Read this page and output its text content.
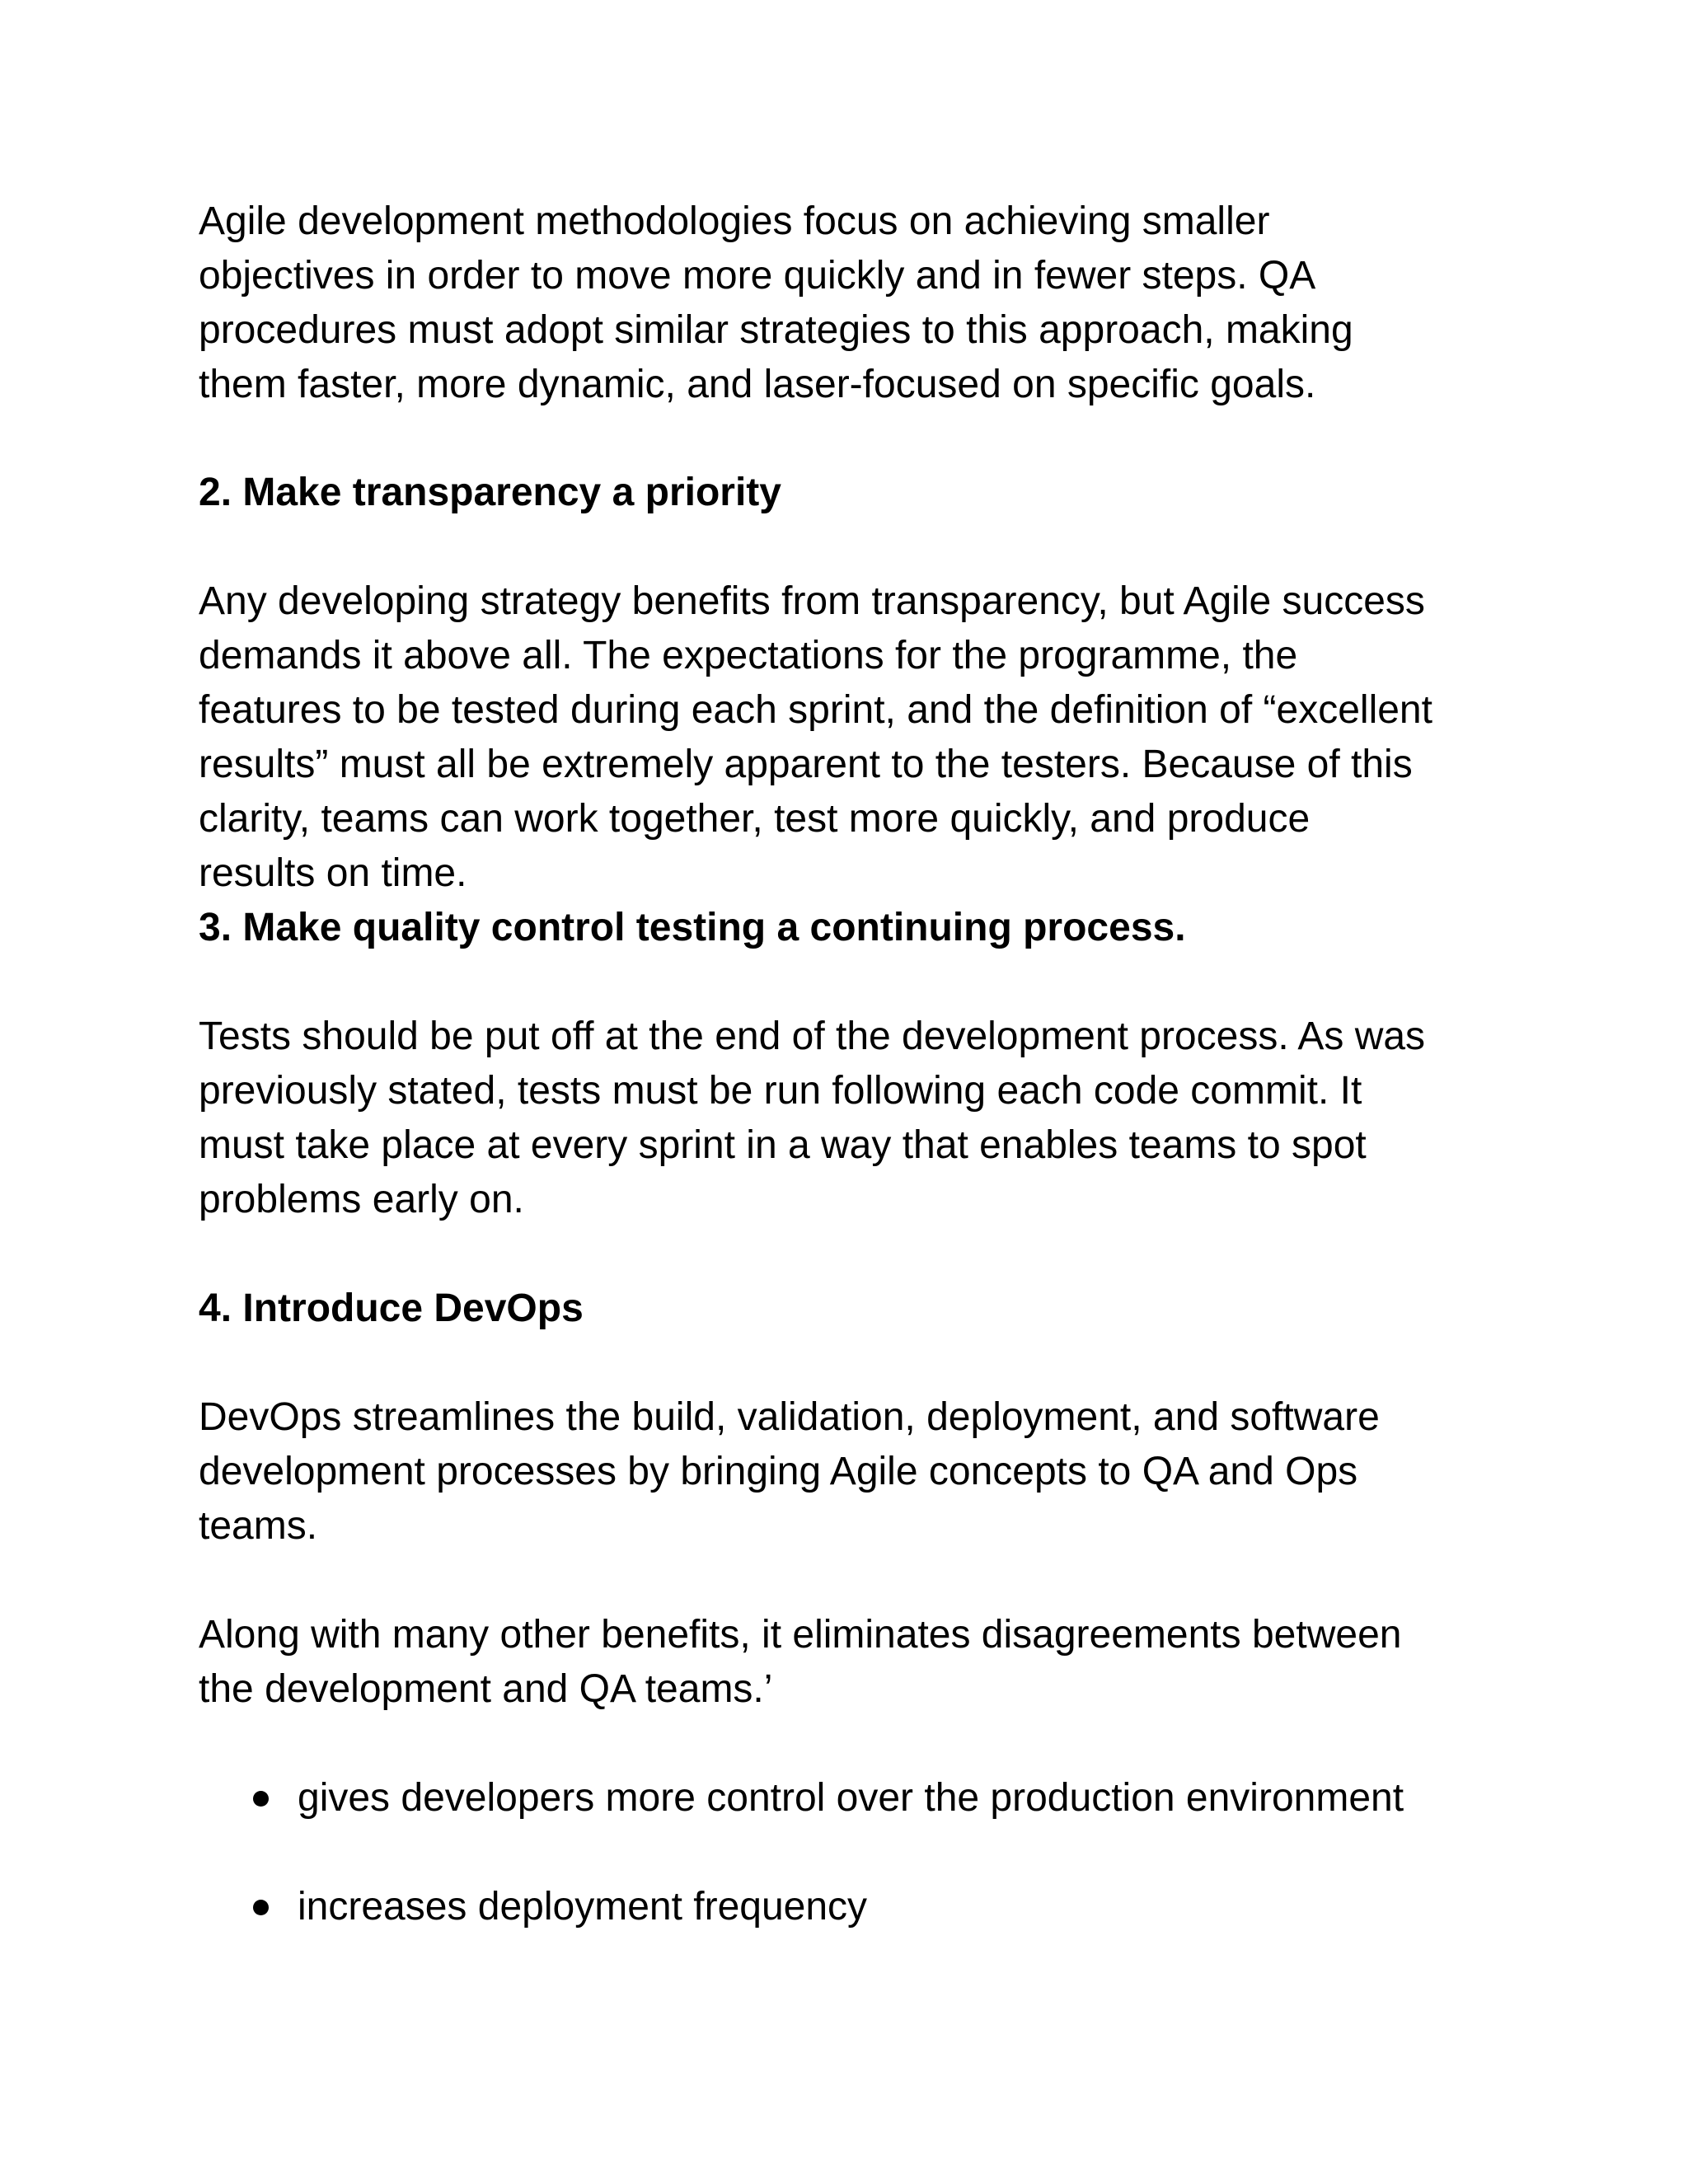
Agile development methodologies focus on achieving smaller

objectives in order to move more quickly and in fewer steps. QA

procedures must adopt similar strategies to this approach, making

them faster, more dynamic, and laser-focused on specific goals.

2. Make transparency a priority

Any developing strategy benefits from transparency, but Agile success

demands it above all. The expectations for the programme, the

features to be tested during each sprint, and the definition of “excellent

results” must all be extremely apparent to the testers. Because of this

clarity, teams can work together, test more quickly, and produce

results on time.

3. Make quality control testing a continuing process.

Tests should be put off at the end of the development process. As was

previously stated, tests must be run following each code commit. It

must take place at every sprint in a way that enables teams to spot

problems early on.

4. Introduce DevOps

DevOps streamlines the build, validation, deployment, and software

development processes by bringing Agile concepts to QA and Ops

teams.

Along with many other benefits, it eliminates disagreements between

the development and QA teams.’

gives developers more control over the production environment

increases deployment frequency
